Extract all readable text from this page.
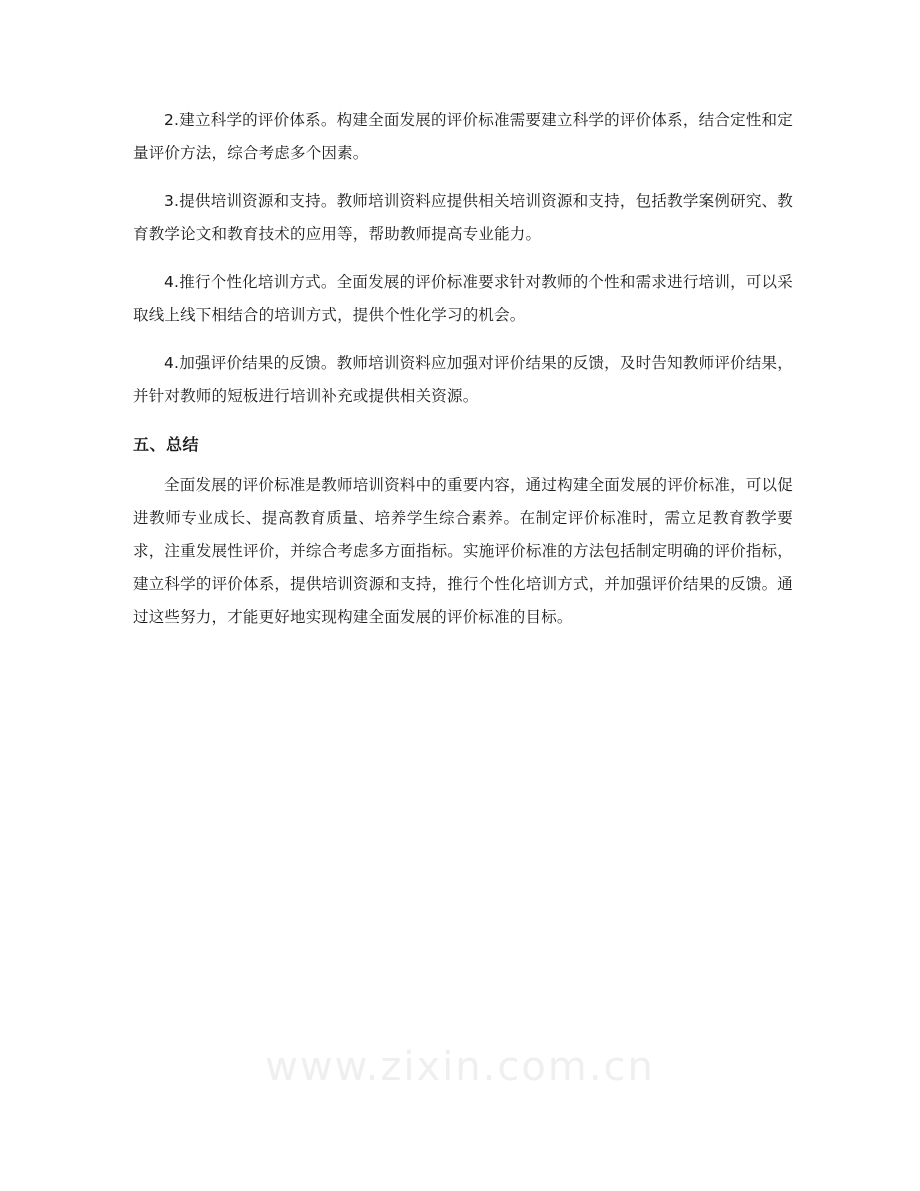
2.建立科学的评价体系。构建全面发展的评价标准需要建立科学的评价体系，结合定性和定量评价方法，综合考虑多个因素。

3.提供培训资源和支持。教师培训资料应提供相关培训资源和支持，包括教学案例研究、教育教学论文和教育技术的应用等，帮助教师提高专业能力。

4.推行个性化培训方式。全面发展的评价标准要求针对教师的个性和需求进行培训，可以采取线上线下相结合的培训方式，提供个性化学习的机会。

4.加强评价结果的反馈。教师培训资料应加强对评价结果的反馈，及时告知教师评价结果，并针对教师的短板进行培训补充或提供相关资源。

五、总结

全面发展的评价标准是教师培训资料中的重要内容，通过构建全面发展的评价标准，可以促进教师专业成长、提高教育质量、培养学生综合素养。在制定评价标准时，需立足教育教学要求，注重发展性评价，并综合考虑多方面指标。实施评价标准的方法包括制定明确的评价指标，建立科学的评价体系，提供培训资源和支持，推行个性化培训方式，并加强评价结果的反馈。通过这些努力，才能更好地实现构建全面发展的评价标准的目标。

www.zixin.com.cn
